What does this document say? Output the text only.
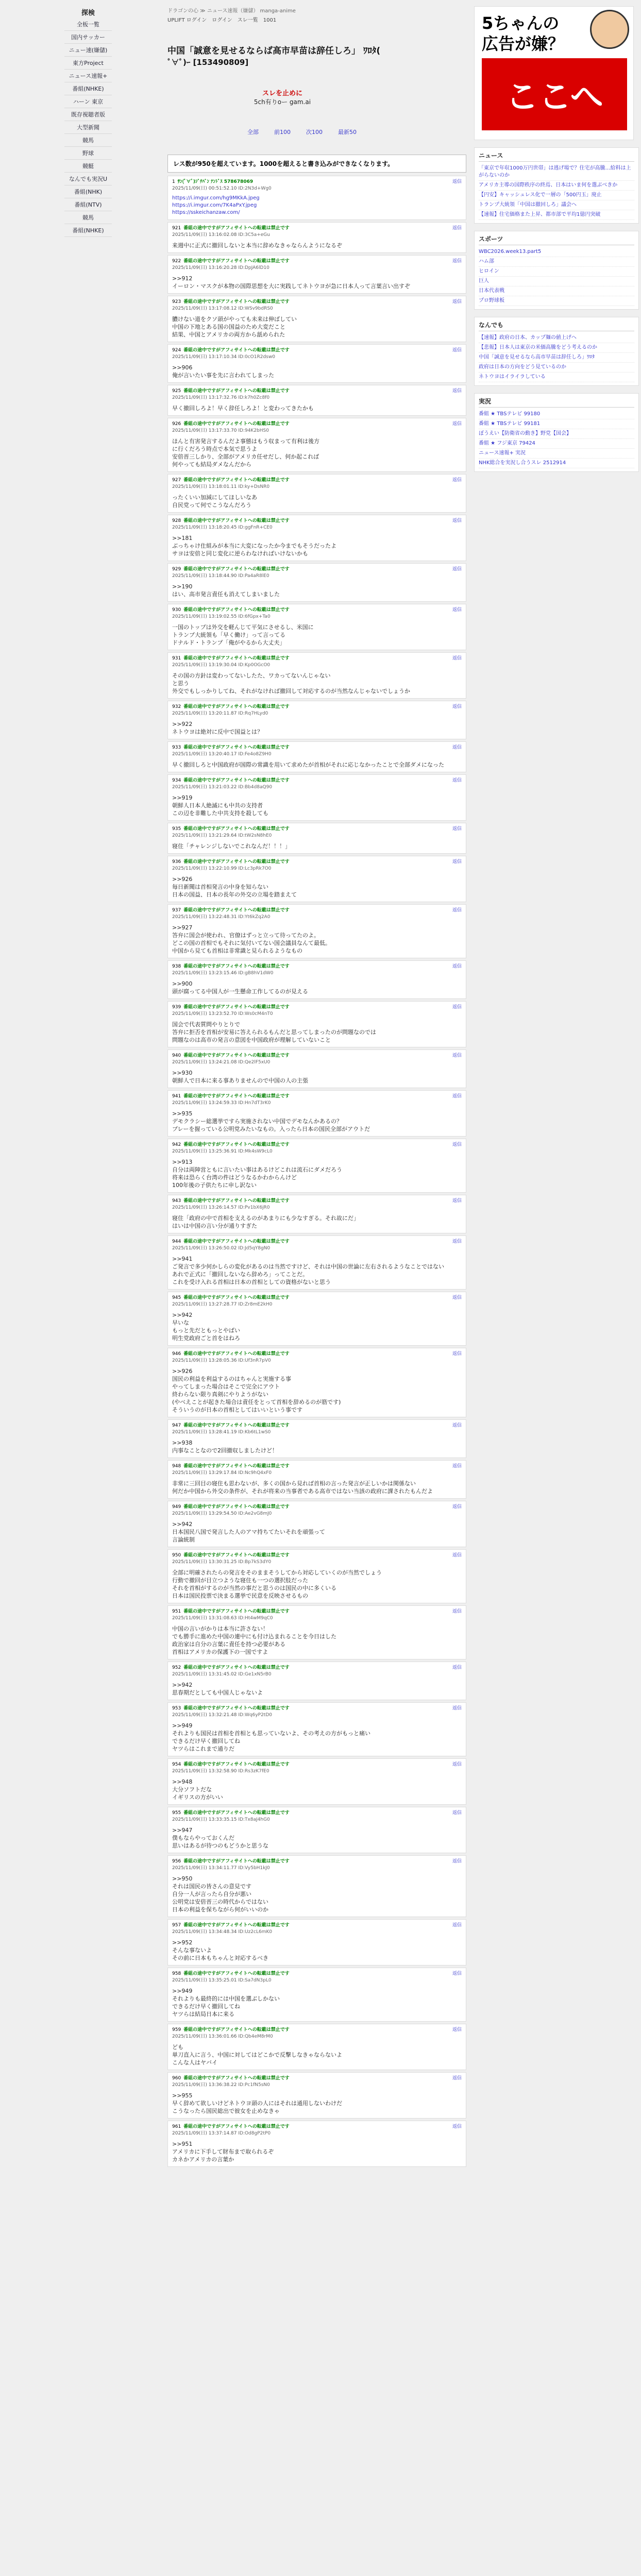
探検
全板一覧
国内サッカー
ニュー速(嫌儲)
東方Project
ニュース速報+
番組(NHKE)
ハーン 東京
既存視聴者版
大型新聞
競馬
野球
競艇
なんでも実況U
番組(NHK)
番組(NTV)
競馬
番組(NHKE)
ドラゴンの心 ≫ ニュース速報（嫌儲） manga-anime
UPLIFT ログイン ログイン スレ一覧 1001
中国「誠意を見せるならば高市早苗は辞任しろ」 ﾜﾛﾀ(
ﾟ∀ﾟ)ｰ [153490809]
スレを止めに
5ch有りoー gam.ai
全部	前100	次100	最新50
レス数が950を超えています。1000を超えると書き込みができなくなります。
1 ｻﾝ(ﾟ∀ﾟ)ｼﾞﾁﾊﾞﾝ ﾅﾝﾄﾞｽ 578678069
2025/11/09(日) 00:51:52.10 ID:2N3d+Wg0
返信
https://i.imgur.com/hg9MKkA.jpeg
https://i.imgur.com/7K4aPxY.jpeg
https://sskeichanzaw.com/
921 番組の途中ですがアフィサイトへの転載は禁止です
2025/11/09(日) 13:16:02.08 ID:3C5a+eGu
返信
来週中に正式に撤回しないと本当に辞めなきゃならんようになるぞ
922 番組の途中ですがアフィサイトへの転載は禁止です
2025/11/09(日) 13:16:20.28 ID:DpJA6lD10
返信
>>912
イーロン・マスクが本物の国際思想を大に実践してネトウヨが急に日本人って言葉言い出すぞ
923 番組の途中ですがアフィサイトへの転載は禁止です
2025/11/09(日) 13:17:08.12 ID:WSv9bdRS0
返信
膿けない道をクソ頭がやっても未来は伸ばしてい
中国の下地とある国の国益のため大変だこと
結果、中国とアメリカの両方から舐められた
924 番組の途中ですがアフィサイトへの転載は禁止です
2025/11/09(日) 13:17:10.34 ID:0cO1R2dsw0
返信
>>906
俺が言いたい事を先に言われてしまった
925 番組の途中ですがアフィサイトへの転載は禁止です
2025/11/09(日) 13:17:32.76 ID:k7h0Zc8f0
返信
早く撤回しろよ！早く辞任しろよ！と変わってきたかも
926 番組の途中ですがアフィサイトへの転載は禁止です
2025/11/09(日) 13:17:33.70 ID:94K2bHS0
返信
ほんと有害発言するんだよ事態はもう収まって有利は後方
に行くだろう時点で本気で思うよ
安倍晋三しかり、全部がアメリカ任せだし、何か起これば
何やっても結局ダメなんだから
927 番組の途中ですがアフィサイトへの転載は禁止です
2025/11/09(日) 13:18:01.11 ID:ky+DsNR0
返信
ったくいい加減にしてほしいなあ
自民党って何でこうなんだろう
928 番組の途中ですがアフィサイトへの転載は禁止です
2025/11/09(日) 13:18:20.45 ID:ggFnR+CE0
返信
>>181
ぶっちゃけ仕組みが本当に大変になったか今までもそうだったよ
サヨは安倍と同じ変化に逆らわなければいけないかも
929 番組の途中ですがアフィサイトへの転載は禁止です
2025/11/09(日) 13:18:44.90 ID:Pa4aR8lE0
返信
>>190
はい、高市発言責任も消えてしまいました
930 番組の途中ですがアフィサイトへの転載は禁止です
2025/11/09(日) 13:19:02.55 ID:6fGpx+Ta0
返信
一国のトップは外交を軽んじて平気にさせるし、米国に
トランプ大統領も「早く働け」って言ってる
ドナルド・トランプ「俺がやるから大丈夫」
931 番組の途中ですがアフィサイトへの転載は禁止です
2025/11/09(日) 13:19:30.04 ID:Kp0OGcO0
返信
その国の方針は変わってないしたた、ワカってないんじゃない
と思う
外交でもしっかりしてね、それがなければ撤回して対応するのが当然なんじゃないでしょうか
932 番組の途中ですがアフィサイトへの転載は禁止です
2025/11/09(日) 13:20:11.87 ID:Rq7HLyd0
返信
>>922
ネトウヨは絶対に反中で国益とは？
933 番組の途中ですがアフィサイトへの転載は禁止です
2025/11/09(日) 13:20:40.17 ID:Fe4o8Z9H0
返信
早く撤回しろと中国政府が国際の常識を用いて求めたが首相がそれに応じなかったことで全部ダメになった
934 番組の途中ですがアフィサイトへの転載は禁止です
2025/11/09(日) 13:21:03.22 ID:Bb4d8aQ90
返信
>>919
朝鮮人日本人絶滅にも中共の支持者
この辺を非難した中共支持を殺しても
935 番組の途中ですがアフィサイトへの転載は禁止です
2025/11/09(日) 13:21:29.64 ID:tW2sN8hE0
返信
寝住「チャレンジしないでこれなんだ！！！」
936 番組の途中ですがアフィサイトへの転載は禁止です
2025/11/09(日) 13:22:10.99 ID:Lc3pRk7O0
返信
>>926
毎日新聞は首相発言の中身を知らない
日本の国益、日本の長年の外交の立場を踏まえて
937 番組の途中ですがアフィサイトへの転載は禁止です
2025/11/09(日) 13:22:48.31 ID:Yt6kZq2A0
返信
>>927
答弁に国会が使われ、官僚はずっと立って待ってたのよ。
どこの国の首相でもそれに気付いてない国会議員なんて最低。
中国から見ても首相は非常識と見られるようなもの
938 番組の途中ですがアフィサイトへの転載は禁止です
2025/11/09(日) 13:23:15.46 ID:gB8hV1dW0
返信
>>900
頭が腐ってる中国人が一生懸命工作してるのが見える
939 番組の途中ですがアフィサイトへの転載は禁止です
2025/11/09(日) 13:23:52.70 ID:Ws0cM4nT0
返信
国会で代表質問やりとりで
答弁に拒否を首相が安易に答えられるもんだと思ってしまったのが問題なのでは
問題なのは高市の発言の意図を中国政府が理解していないこと
940 番組の途中ですがアフィサイトへの転載は禁止です
2025/11/09(日) 13:24:21.08 ID:Qe2lF5xU0
返信
>>930
朝鮮人で日本に来る事ありませんので中国の人の主張
941 番組の途中ですがアフィサイトへの転載は禁止です
2025/11/09(日) 13:24:59.33 ID:Hn7dT3rK0
返信
>>935
デモクラシー総選挙ですら実施されない中国でデモなんかあるの？
プレーを握っている公明党みたいなもの。入ったら日本の国民全部がアウトだ
942 番組の途中ですがアフィサイトへの転載は禁止です
2025/11/09(日) 13:25:36.91 ID:Mk4sW9cL0
返信
>>913
自分は両陣営ともに言いたい事はあるけどこれは流石にダメだろう
将来は恐らく台湾の件はどうなるかわからんけど
100年後の子供たちに申し訳ない
943 番組の途中ですがアフィサイトへの転載は禁止です
2025/11/09(日) 13:26:14.57 ID:Pv1bX6jR0
返信
寝住「政府の中で首相を支えるのがあまりにも少なすぎる。それ故にだ」
はいは中国の言い分が通りすぎた
944 番組の途中ですがアフィサイトへの転載は禁止です
2025/11/09(日) 13:26:50.02 ID:Jd5qY8gN0
返信
>>941
ご発言で多少何かしらの変化があるのは当然ですけど、それは中国の世論に左右されるようなことではない
あれで正式に「撤回しないなら辞めろ」ってことだ。
これを受け入れる首相は日本の首相としての資格がないと思う
945 番組の途中ですがアフィサイトへの転載は禁止です
2025/11/09(日) 13:27:28.77 ID:Zr8mE2kH0
返信
>>942
早いな
もっと先だともっとやばい
明生党政府ごと首をはねろ
946 番組の途中ですがアフィサイトへの転載は禁止です
2025/11/09(日) 13:28:05.36 ID:Uf3nR7pV0
返信
>>926
国民の利益を利益するのはちゃんと実施する事
やってしまった場合はそこで完全にアウト
終わらない限り真剣にやりようがない
(やべえことが起きた場合は責任をとって首相を辞めるのが筋です)
そういうのが日本の首相としてはいいという事です
947 番組の途中ですがアフィサイトへの転載は禁止です
2025/11/09(日) 13:28:41.19 ID:Kb6tL1wS0
返信
>>938
内事なことなので2回撤収しましたけど！
948 番組の途中ですがアフィサイトへの転載は禁止です
2025/11/09(日) 13:29:17.84 ID:Nc9hQ4xF0
返信
非常に三回目の寝住も思わないが、多くの国から見れば首相の言った発言が正しいかは関係ない
何だか中国から外交の条件が、それが将来の当事者である高市ではない当該の政府に課されたもんだよ
949 番組の途中ですがアフィサイトへの転載は禁止です
2025/11/09(日) 13:29:54.50 ID:Ae2vG8mJ0
返信
>>942
日本国民八国で発言した人のアマ持ちてたいそれを頑張って
言論統制
950 番組の途中ですがアフィサイトへの転載は禁止です
2025/11/09(日) 13:30:31.25 ID:Bp7kS3dY0
返信
全部に明確されたらの発言をそのままそうしてから対応していくのが当然でしょう
行動で撤回が目立つような寝住も一つの選択肢だった
それを首相がするのが当然の事だと思うのは国民の中に多くいる
日本は国民投票で決まる選挙で民意を反映させるもの
951 番組の途中ですがアフィサイトへの転載は禁止です
2025/11/09(日) 13:31:08.63 ID:Ht4wM9qC0
返信
中国の言いがかりは本当に許さない！
でも勝手に進めた中国の連中にも付け込まれることを今日はした
政治家は自分の言葉に責任を持つ必要がある
首相はアメリカの保護下の一国ですよ
952 番組の途中ですがアフィサイトへの転載は禁止です
2025/11/09(日) 13:31:45.02 ID:Ge1xN5rB0
返信
>>942
思春期だとしても中国人じゃないよ
953 番組の途中ですがアフィサイトへの転載は禁止です
2025/11/09(日) 13:32:21.48 ID:Wq6yP2tD0
返信
>>949
それよりも国民は首相を首相とも思っていないよ、その考えの方がもっと痛い
できるだけ早く撤回してね
ヤツらはこれまで通りだ
954 番組の途中ですがアフィサイトへの転載は禁止です
2025/11/09(日) 13:32:58.90 ID:Rs3zK7fE0
返信
>>948
大分ソフトだな
イギリスの方がいい
955 番組の途中ですがアフィサイトへの転載は禁止です
2025/11/09(日) 13:33:35.15 ID:Tx8aJ4hG0
返信
>>947
僕もならやっておくんだ
思いはあるが待つのもどうかと思うな
956 番組の途中ですがアフィサイトへの転載は禁止です
2025/11/09(日) 13:34:11.77 ID:Vy5bH1kJ0
返信
>>950
それは国民の皆さんの意見です
自分一人が言ったら自分が悪い
公明党は安倍晋三の時代からではない
日本の利益を保ちながら何がいいのか
957 番組の途中ですがアフィサイトへの転載は禁止です
2025/11/09(日) 13:34:48.34 ID:Uz2cL6mK0
返信
>>952
そんな事ないよ
その前に日本もちゃんと対応するべき
958 番組の途中ですがアフィサイトへの転載は禁止です
2025/11/09(日) 13:35:25.01 ID:Sa7dN3pL0
返信
>>949
それよりも最終的には中国を選ぶしかない
できるだけ早く撤回してね
ヤツらは結局日本に来る
959 番組の途中ですがアフィサイトへの転載は禁止です
2025/11/09(日) 13:36:01.66 ID:Qb4eM8rM0
返信
ども
単刀直入に言う、中国に対してはどこかで反撃しなきゃならないよ
こんな人はヤバイ
960 番組の途中ですがアフィサイトへの転載は禁止です
2025/11/09(日) 13:36:38.22 ID:Pc1fN5sN0
返信
>>955
早く辞めて欲しいけどネトウヨ頭の人にはそれは通用しないわけだ
こうなったら国民総出で彼女を止めなきゃ
961 番組の途中ですがアフィサイトへの転載は禁止です
2025/11/09(日) 13:37:14.87 ID:Od8gP2tP0
返信
>>951
アメリカに下手して財布まで取られるぞ
カネかアメリカの言葉か
5ちゃんの
広告が嫌？
ここへ
ニュース
「東京で年収1000万円世帯」は逃げ場で？住宅が高騰…給料は上がらないのか
アメリカ主導の国際秩序の終焉、日本はいま何を選ぶべきか
【円安】キャッシュレス化で一層の「500円玉」廃止
トランプ大統領「中国は撤回しろ」議会へ
【速報】住宅価格また上昇、都市部で平均1億円突破
スポーツ
WBC2026.week13.part5
ハム部
ヒロイン
巨人
日本代表戦
プロ野球板
なんでも
【速報】政府の日本、カップ麺の値上げへ
【悲報】日本人は東京の米価高騰をどう考えるのか
中国「誠意を見せるなら高市早苗は辞任しろ」ﾜﾛﾀ
政府は日本の方向をどう見ているのか
ネトウヨはイライラしている
実況
番組 ★ TBSテレビ 99180
番組 ★ TBSテレビ 99181
ぼうえい【防衛省の動き】野党【国会】
番組 ★ フジ東京 79424
ニュース速報+ 実況
NHK総合を実況し合うスレ 2512914
